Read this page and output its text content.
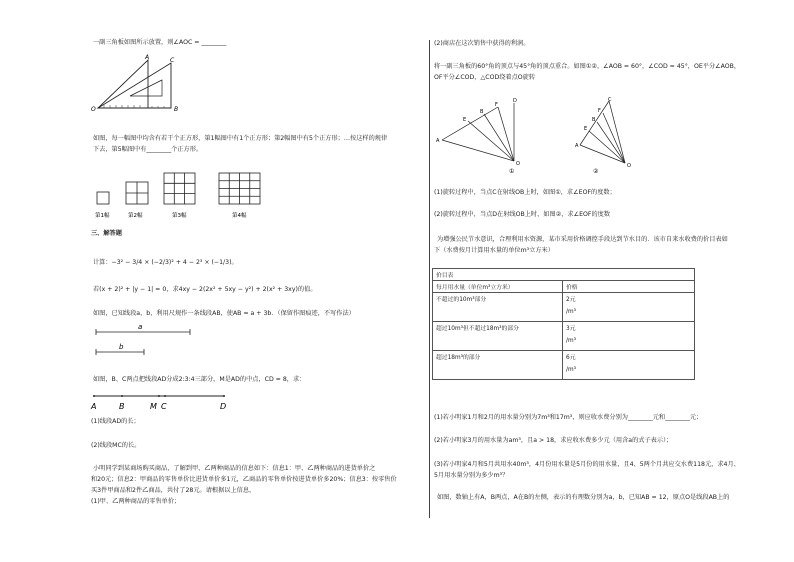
一副三角板如图所示放置，则∠AOC = ________
A	C
O	B
如图，每一幅图中均含有若干个正方形，第1幅图中有1个正方形；第2幅图中有5个正方形；…按这样的规律
下去，第5幅图中有________个正方形。
第1幅	第2幅	第3幅	第4幅
三、解答题
计算：−3² − 3/4 × (−2/3)² + 4 − 2³ × (−1/3)。
若(x + 2)² + |y − 1| = 0，求4xy − 2(2x² + 5xy − y²) + 2(x² + 3xy)的值。
如图，已知线段a，b，利用尺规作一条线段AB，使AB = a + 3b．（保留作图痕迹，不写作法）
a
b
如图，B、C两点把线段AD分成2:3:4三部分，M是AD的中点，CD = 8，求：
A	B	M C	D
(1)线段AD的长；
(2)线段MC的长。
小明同学到某商场购买商品，了解到甲、乙两种商品的信息如下：信息1：甲、乙两种商品的进货单价之
和20元；信息2：甲商品的零售单价比进货单价多1元，乙商品的零售单价按进货单价多20%；信息3：按零售价
买3件甲商品和2件乙商品，共付了28元。请根据以上信息，
(1)甲、乙两种商品的零售单价；
(2)商店在这次销售中获得的利润。
将一副三角板的60°角的顶点与45°角的顶点重合。如图①②，∠AOB = 60°，∠COD = 45°，OE平分∠AOB，
OF平分∠COD，△COD绕着点O旋转
A
E
B
F
D
O
①
A
E
B
F
C
O
②
(1)旋转过程中，当点C在射线OB上时，如图①，求∠EOF的度数；
(2)旋转过程中，当点D在射线OB上时，如图②，求∠EOF的度数
为增强公民节水意识，合理利用水资源，某市采用价格调控手段达到节水目的．该市自来水收费的价目表如
下（水费按月计算用水量的单位m³立方米）
价目表	
每月用水量（单位m³立方米）	价格
不超过的10m³部分	2元

/m³
超过10m³但不超过18m³的部分	3元

/m³
超过18m³的部分	6元

/m³
(1)若小明家1月和2月的用水量分别为7m³和17m³，则应收水费分别为________元和________元；
(2)若小明家3月的用水量为am³，且a > 18，求应收水费多少元（用含a的式子表示）；
(3)若小明家4月和5月共用水40m³，4月份用水量是5月份的用水量，且4、5两个月共应交水费118元，求4月、
5月用水量分别为多少m³？
如图，数轴上有A，B两点，A在B的左侧，表示的有理数分别为a，b，已知AB = 12，原点O是线段AB上的
